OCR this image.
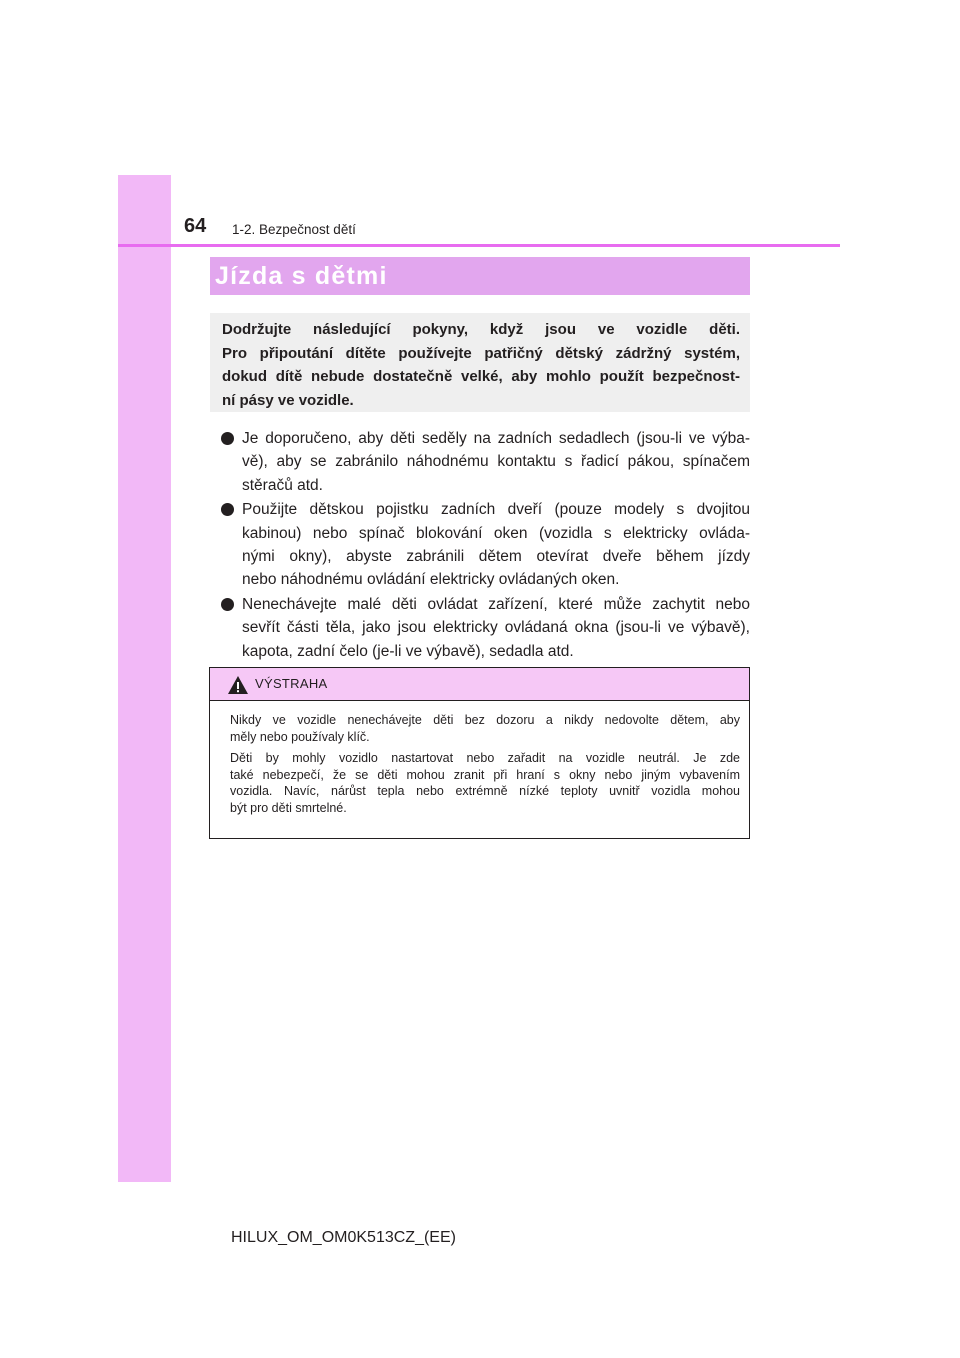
64 1-2. Bezpečnost dětí
Jízda s dětmi
Dodržujte následující pokyny, když jsou ve vozidle děti.
Pro připoutání dítěte používejte patřičný dětský zádržný systém,
dokud dítě nebude dostatečně velké, aby mohlo použít bezpečnost-
ní pásy ve vozidle.
Je doporučeno, aby děti seděly na zadních sedadlech (jsou-li ve výba-
vě), aby se zabránilo náhodnému kontaktu s řadicí pákou, spínačem
stěračů atd.
Použijte dětskou pojistku zadních dveří (pouze modely s dvojitou
kabinou) nebo spínač blokování oken (vozidla s elektricky ovláda-
nými okny), abyste zabránili dětem otevírat dveře během jízdy
nebo náhodnému ovládání elektricky ovládaných oken.
Nenechávejte malé děti ovládat zařízení, které může zachytit nebo
sevřít části těla, jako jsou elektricky ovládaná okna (jsou-li ve výbavě),
kapota, zadní čelo (je-li ve výbavě), sedadla atd.
VÝSTRAHA
Nikdy ve vozidle nenechávejte děti bez dozoru a nikdy nedovolte dětem, aby
měly nebo používaly klíč.
Děti by mohly vozidlo nastartovat nebo zařadit na vozidle neutrál. Je zde
také nebezpečí, že se děti mohou zranit při hraní s okny nebo jiným vybavením
vozidla. Navíc, nárůst tepla nebo extrémně nízké teploty uvnitř vozidla mohou
být pro děti smrtelné.
HILUX_OM_OM0K513CZ_(EE)
